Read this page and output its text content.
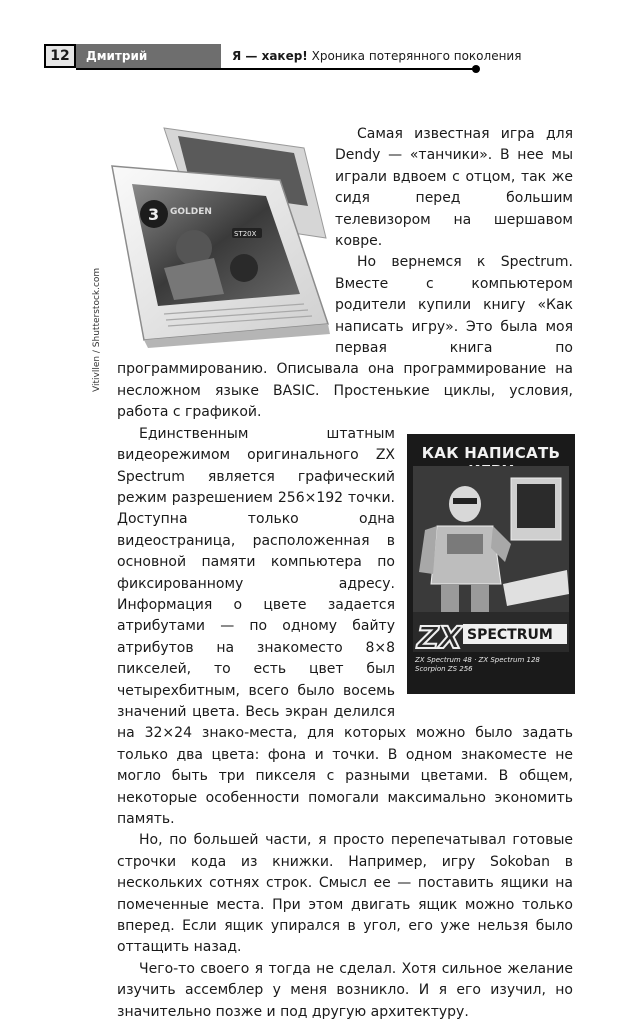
12	Дмитрий Артимович
Я — хакер! Хроника потерянного поколения
3 GOLDEN
ST20X
Vitivllen / Shutterstock.com
КАК НАПИСАТЬ
ZX SPECTRUM
ZX Spectrum 48 · ZX Spectrum 128
Scorpion ZS 256

Самая известная игра для Dendy — «танчики». В нее мы играли вдвоем с отцом, так же сидя перед большим телевизором на шершавом ковре.

Но вернемся к Spectrum. Вместе с компьютером родители купили книгу «Как написать игру». Это была моя первая книга по программированию. Описывала она программирование на несложном языке BASIC. Простенькие циклы, условия, работа с графикой.

Единственным штатным видеорежимом оригинального ZX Spectrum является графический режим разрешением 256×192 точки. Доступна только одна видеостраница, расположенная в основной памяти компьютера по фиксированному адресу. Информация о цвете задается атрибутами — по одному байту атрибутов на знакоместо 8×8 пикселей, то есть цвет был четырехбитным, всего было восемь значений цвета. Весь экран делился на 32×24 знако-места, для которых можно было задать только два цвета: фона и точки. В одном знакоместе не могло быть три пикселя с разными цветами. В общем, некоторые особенности помогали максимально экономить память.

Но, по большей части, я просто перепечатывал готовые строчки кода из книжки. Например, игру Sokoban в нескольких сотнях строк. Смысл ее — поставить ящики на помеченные места. При этом двигать ящик можно только вперед. Если ящик упирался в угол, его уже нельзя было оттащить назад.

Чего-то своего я тогда не сделал. Хотя сильное желание изучить ассемблер у меня возникло. И я его изучил, но значительно позже и под другую архитектуру.
